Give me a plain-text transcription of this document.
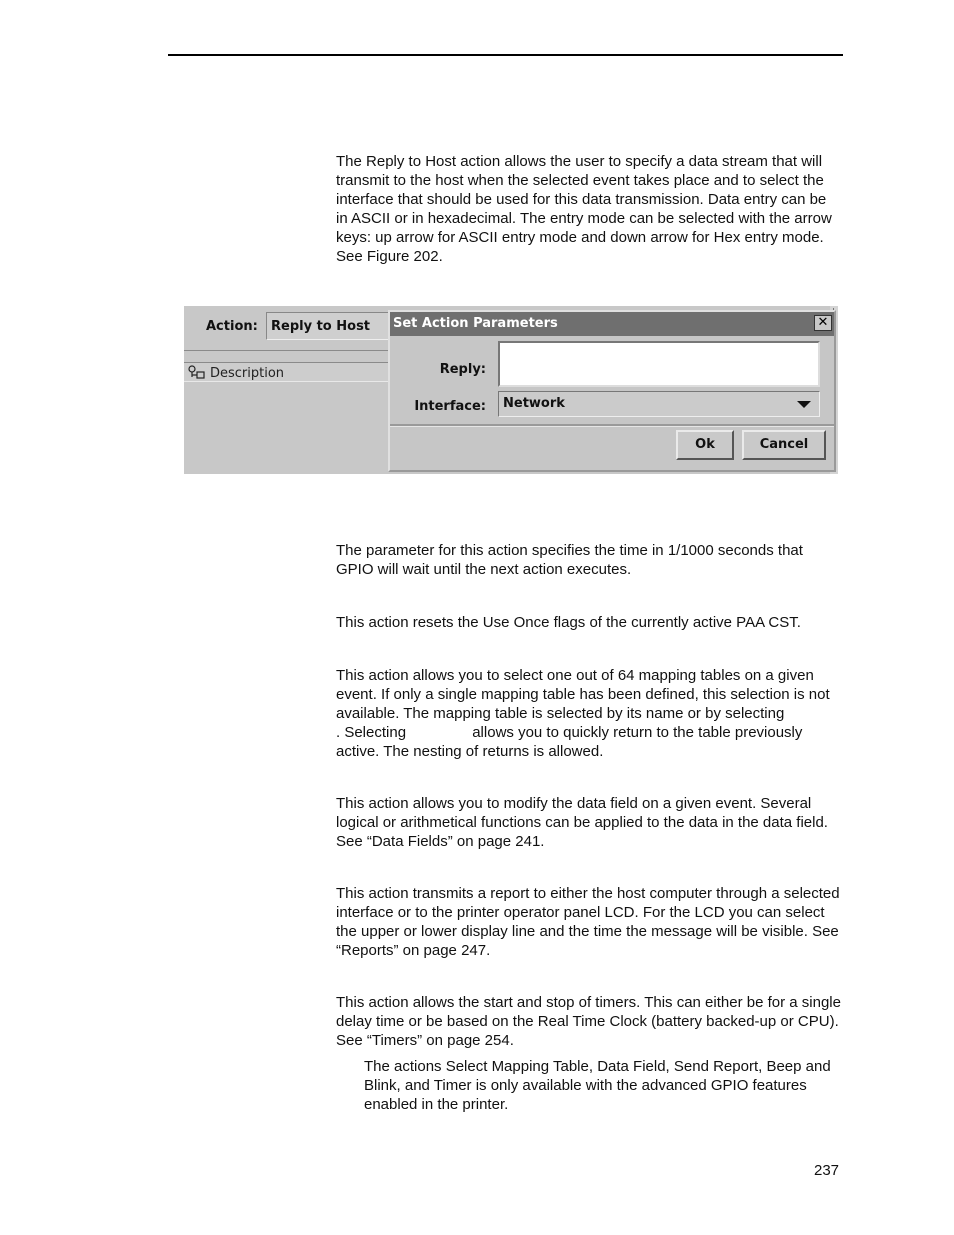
The Reply to Host action allows the user to specify a data stream that will transmit to the host when the selected event takes place and to select the interface that should be used for this data transmission. Data entry can be in ASCII or in hexadecimal. The entry mode can be selected with the arrow keys: up arrow for ASCII entry mode and down arrow for Hex entry mode. See Figure 202.

Action:	Reply to Host
Description
Set Action Parameters	✕
Reply:
Interface:	Network
Ok	Cancel

The parameter for this action specifies the time in 1/1000 seconds that GPIO will wait until the next action executes.

This action resets the Use Once flags of the currently active PAA CST.

This action allows you to select one out of 64 mapping tables on a given event. If only a single mapping table has been defined, this selection is not available. The mapping table is selected by its name or by selecting . Selecting	allows you to quickly return to the table previously active. The nesting of returns is allowed.

This action allows you to modify the data field on a given event. Several logical or arithmetical functions can be applied to the data in the data field. See “Data Fields” on page 241.

This action transmits a report to either the host computer through a selected interface or to the printer operator panel LCD. For the LCD you can select the upper or lower display line and the time the message will be visible. See “Reports” on page 247.

This action allows the start and stop of timers. This can either be for a single delay time or be based on the Real Time Clock (battery backed-up or CPU). See “Timers” on page 254.

The actions Select Mapping Table, Data Field, Send Report, Beep and Blink, and Timer is only available with the advanced GPIO features enabled in the printer.

237
